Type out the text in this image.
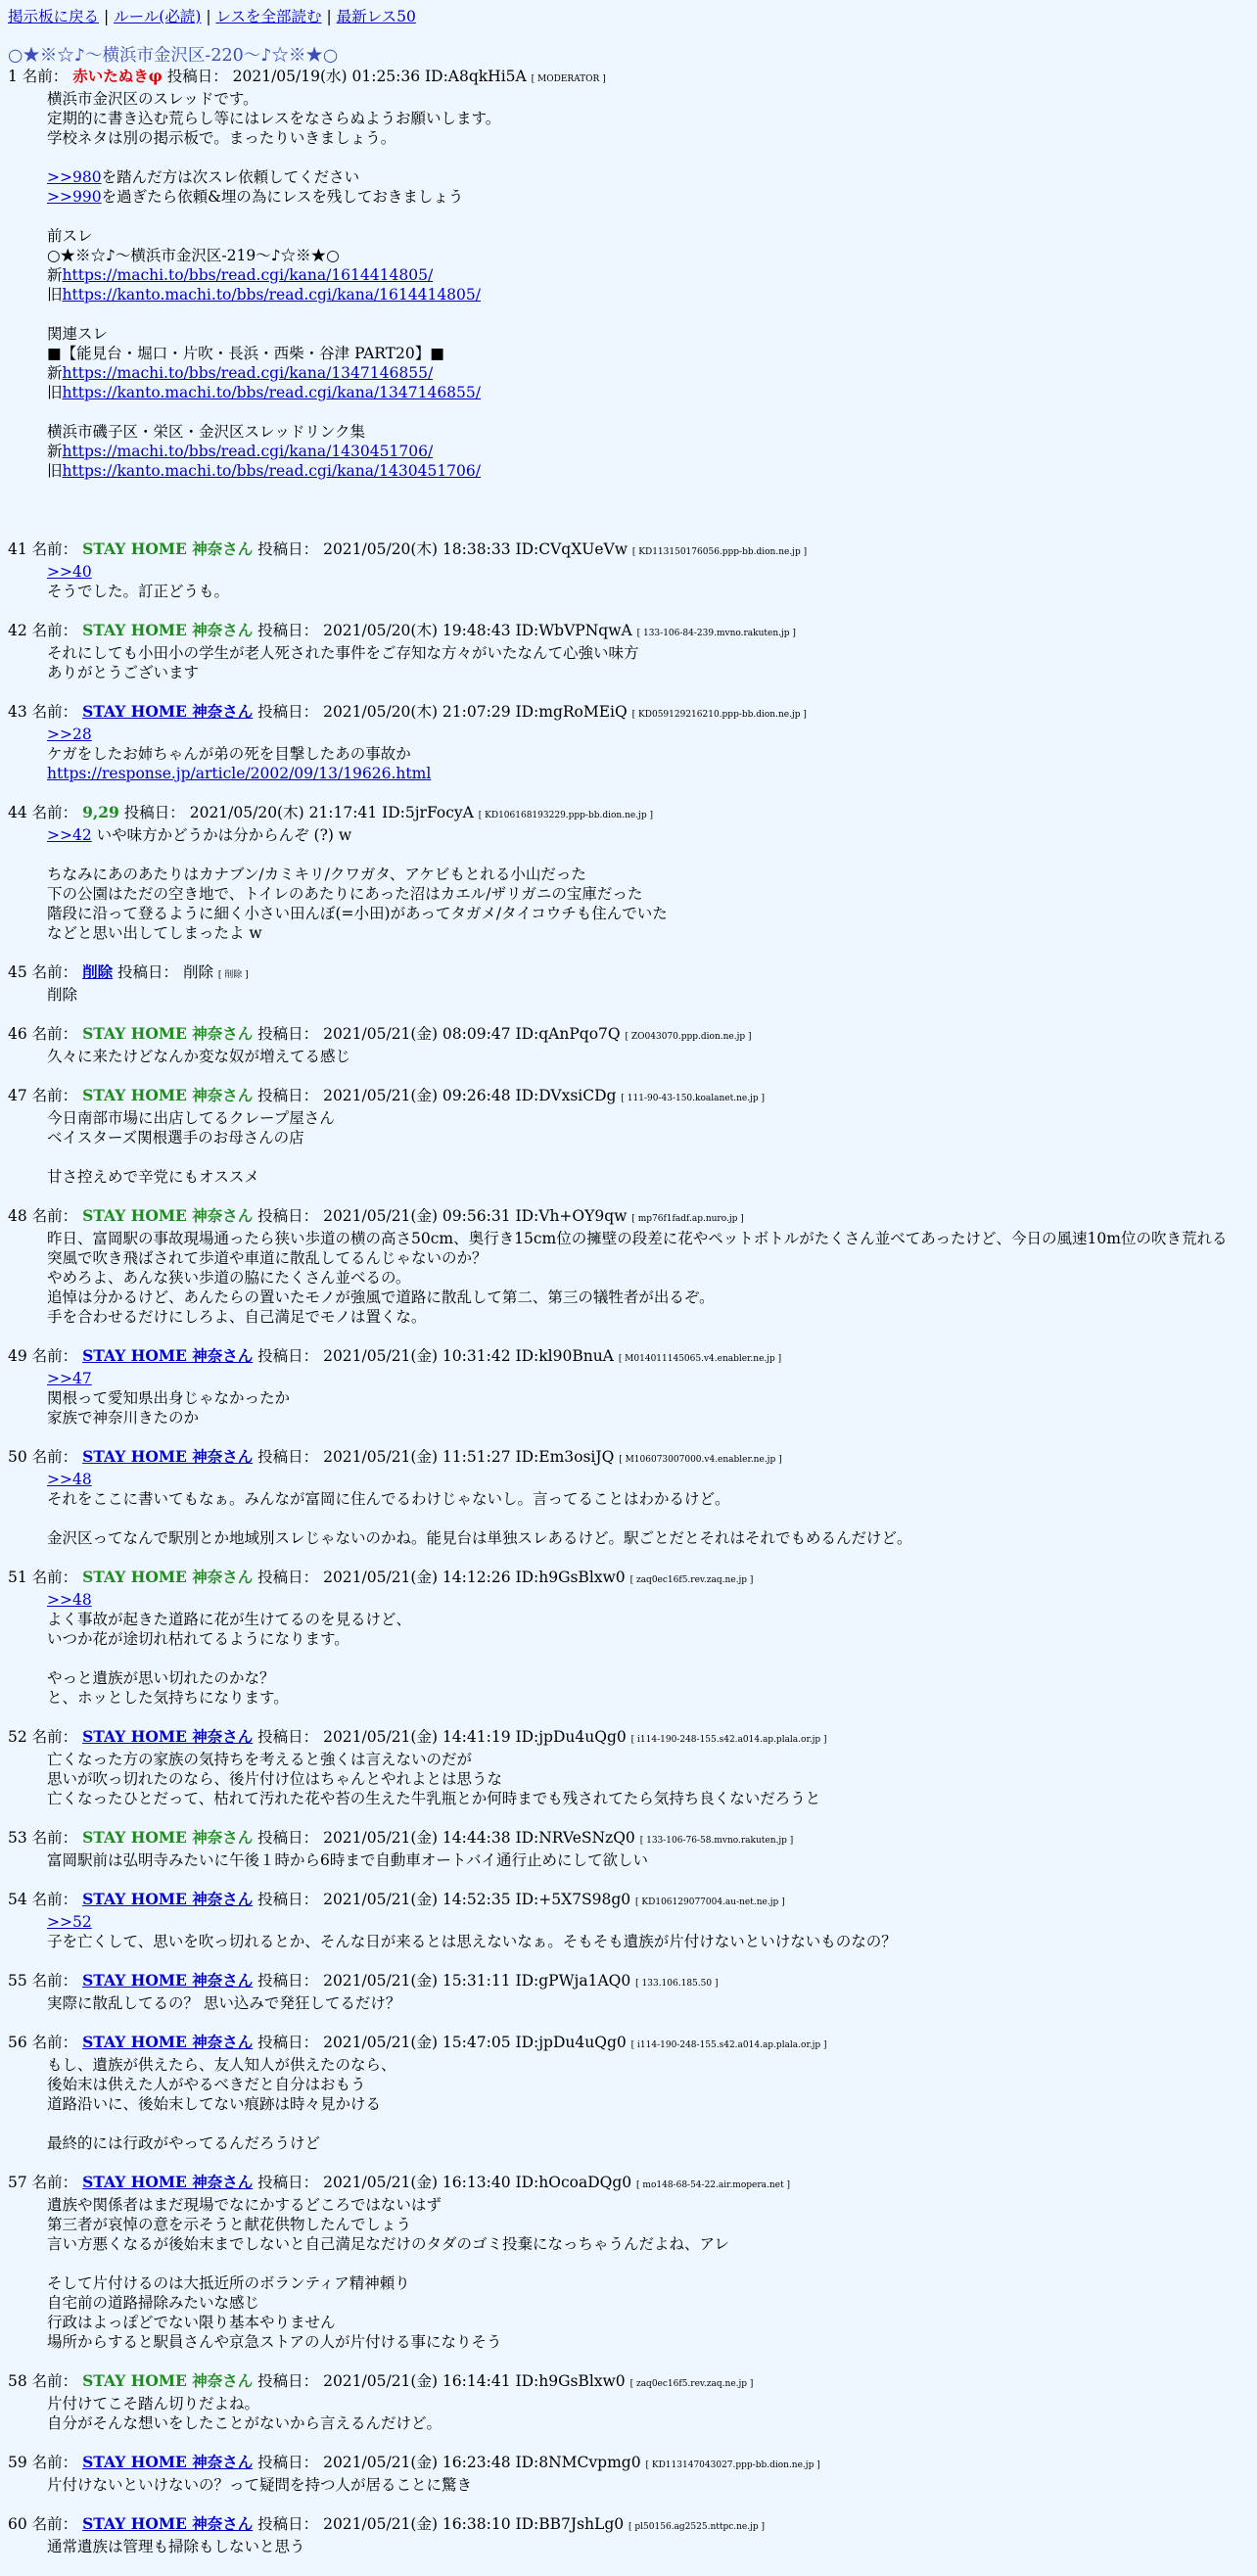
掲示板に戻る | ルール(必読) | レスを全部読む | 最新レス50
○★※☆♪～横浜市金沢区-220～♪☆※★○
1 名前： 赤いたぬきφ 投稿日： 2021/05/19(水) 01:25:36 ID:A8qkHi5A [ MODERATOR ]
横浜市金沢区のスレッドです。
定期的に書き込む荒らし等にはレスをなさらぬようお願いします。
学校ネタは別の掲示板で。まったりいきましょう。
>>980を踏んだ方は次スレ依頼してください
>>990を過ぎたら依頼&埋の為にレスを残しておきましょう
前スレ
○★※☆♪～横浜市金沢区-219～♪☆※★○
新https://machi.to/bbs/read.cgi/kana/1614414805/
旧https://kanto.machi.to/bbs/read.cgi/kana/1614414805/
関連スレ
■【能見台・堀口・片吹・長浜・西柴・谷津 PART20】■
新https://machi.to/bbs/read.cgi/kana/1347146855/
旧https://kanto.machi.to/bbs/read.cgi/kana/1347146855/
横浜市磯子区・栄区・金沢区スレッドリンク集
新https://machi.to/bbs/read.cgi/kana/1430451706/
旧https://kanto.machi.to/bbs/read.cgi/kana/1430451706/
41 名前： STAY HOME 神奈さん 投稿日： 2021/05/20(木) 18:38:33 ID:CVqXUeVw [ KD113150176056.ppp-bb.dion.ne.jp ]
>>40
そうでした。訂正どうも。
42 名前： STAY HOME 神奈さん 投稿日： 2021/05/20(木) 19:48:43 ID:WbVPNqwA [ 133-106-84-239.mvno.rakuten.jp ]
それにしても小田小の学生が老人死された事件をご存知な方々がいたなんて心強い味方
ありがとうございます
43 名前： STAY HOME 神奈さん 投稿日： 2021/05/20(木) 21:07:29 ID:mgRoMEiQ [ KD059129216210.ppp-bb.dion.ne.jp ]
>>28
ケガをしたお姉ちゃんが弟の死を目撃したあの事故か
https://response.jp/article/2002/09/13/19626.html
44 名前： 9,29 投稿日： 2021/05/20(木) 21:17:41 ID:5jrFocyA [ KD106168193229.ppp-bb.dion.ne.jp ]
>>42 いや味方かどうかは分からんぞ (?) w
ちなみにあのあたりはカナブン/カミキリ/クワガタ、アケビもとれる小山だった
下の公園はただの空き地で、トイレのあたりにあった沼はカエル/ザリガニの宝庫だった
階段に沿って登るように細く小さい田んぼ(=小田)があってタガメ/タイコウチも住んでいた
などと思い出してしまったよ w
45 名前： 削除 投稿日： 削除 [ 削除 ]
削除
46 名前： STAY HOME 神奈さん 投稿日： 2021/05/21(金) 08:09:47 ID:qAnPqo7Q [ ZO043070.ppp.dion.ne.jp ]
久々に来たけどなんか変な奴が増えてる感じ
47 名前： STAY HOME 神奈さん 投稿日： 2021/05/21(金) 09:26:48 ID:DVxsiCDg [ 111-90-43-150.koalanet.ne.jp ]
今日南部市場に出店してるクレープ屋さん
ベイスターズ関根選手のお母さんの店
甘さ控えめで辛党にもオススメ
48 名前： STAY HOME 神奈さん 投稿日： 2021/05/21(金) 09:56:31 ID:Vh+OY9qw [ mp76f1fadf.ap.nuro.jp ]
昨日、富岡駅の事故現場通ったら狭い歩道の横の高さ50cm、奥行き15cm位の擁壁の段差に花やペットボトルがたくさん並べてあったけど、今日の風速10m位の吹き荒れる
突風で吹き飛ばされて歩道や車道に散乱してるんじゃないのか？
やめろよ、あんな狭い歩道の脇にたくさん並べるの。
追悼は分かるけど、あんたらの置いたモノが強風で道路に散乱して第二、第三の犠牲者が出るぞ。
手を合わせるだけにしろよ、自己満足でモノは置くな。
49 名前： STAY HOME 神奈さん 投稿日： 2021/05/21(金) 10:31:42 ID:kl90BnuA [ M014011145065.v4.enabler.ne.jp ]
>>47
関根って愛知県出身じゃなかったか
家族で神奈川きたのか
50 名前： STAY HOME 神奈さん 投稿日： 2021/05/21(金) 11:51:27 ID:Em3osiJQ [ M106073007000.v4.enabler.ne.jp ]
>>48
それをここに書いてもなぁ。みんなが富岡に住んでるわけじゃないし。言ってることはわかるけど。
金沢区ってなんで駅別とか地域別スレじゃないのかね。能見台は単独スレあるけど。駅ごとだとそれはそれでもめるんだけど。
51 名前： STAY HOME 神奈さん 投稿日： 2021/05/21(金) 14:12:26 ID:h9GsBlxw0 [ zaq0ec16f5.rev.zaq.ne.jp ]
>>48
よく事故が起きた道路に花が生けてるのを見るけど、
いつか花が途切れ枯れてるようになります。
やっと遺族が思い切れたのかな？
と、ホッとした気持ちになります。
52 名前： STAY HOME 神奈さん 投稿日： 2021/05/21(金) 14:41:19 ID:jpDu4uQg0 [ i114-190-248-155.s42.a014.ap.plala.or.jp ]
亡くなった方の家族の気持ちを考えると強くは言えないのだが
思いが吹っ切れたのなら、後片付け位はちゃんとやれよとは思うな
亡くなったひとだって、枯れて汚れた花や苔の生えた牛乳瓶とか何時までも残されてたら気持ち良くないだろうと
53 名前： STAY HOME 神奈さん 投稿日： 2021/05/21(金) 14:44:38 ID:NRVeSNzQ0 [ 133-106-76-58.mvno.rakuten.jp ]
富岡駅前は弘明寺みたいに午後１時から6時まで自動車オートバイ通行止めにして欲しい
54 名前： STAY HOME 神奈さん 投稿日： 2021/05/21(金) 14:52:35 ID:+5X7S98g0 [ KD106129077004.au-net.ne.jp ]
>>52
子を亡くして、思いを吹っ切れるとか、そんな日が来るとは思えないなぁ。そもそも遺族が片付けないといけないものなの？
55 名前： STAY HOME 神奈さん 投稿日： 2021/05/21(金) 15:31:11 ID:gPWja1AQ0 [ 133.106.185.50 ]
実際に散乱してるの？ 思い込みで発狂してるだけ？
56 名前： STAY HOME 神奈さん 投稿日： 2021/05/21(金) 15:47:05 ID:jpDu4uQg0 [ i114-190-248-155.s42.a014.ap.plala.or.jp ]
もし、遺族が供えたら、友人知人が供えたのなら、
後始末は供えた人がやるべきだと自分はおもう
道路沿いに、後始末してない痕跡は時々見かける
最終的には行政がやってるんだろうけど
57 名前： STAY HOME 神奈さん 投稿日： 2021/05/21(金) 16:13:40 ID:hOcoaDQg0 [ mo148-68-54-22.air.mopera.net ]
遺族や関係者はまだ現場でなにかするどころではないはず
第三者が哀悼の意を示そうと献花供物したんでしょう
言い方悪くなるが後始末までしないと自己満足なだけのタダのゴミ投棄になっちゃうんだよね、アレ
そして片付けるのは大抵近所のボランティア精神頼り
自宅前の道路掃除みたいな感じ
行政はよっぽどでない限り基本やりません
場所からすると駅員さんや京急ストアの人が片付ける事になりそう
58 名前： STAY HOME 神奈さん 投稿日： 2021/05/21(金) 16:14:41 ID:h9GsBlxw0 [ zaq0ec16f5.rev.zaq.ne.jp ]
片付けてこそ踏ん切りだよね。
自分がそんな想いをしたことがないから言えるんだけど。
59 名前： STAY HOME 神奈さん 投稿日： 2021/05/21(金) 16:23:48 ID:8NMCvpmg0 [ KD113147043027.ppp-bb.dion.ne.jp ]
片付けないといけないの？って疑問を持つ人が居ることに驚き
60 名前： STAY HOME 神奈さん 投稿日： 2021/05/21(金) 16:38:10 ID:BB7JshLg0 [ pl50156.ag2525.nttpc.ne.jp ]
通常遺族は管理も掃除もしないと思う
